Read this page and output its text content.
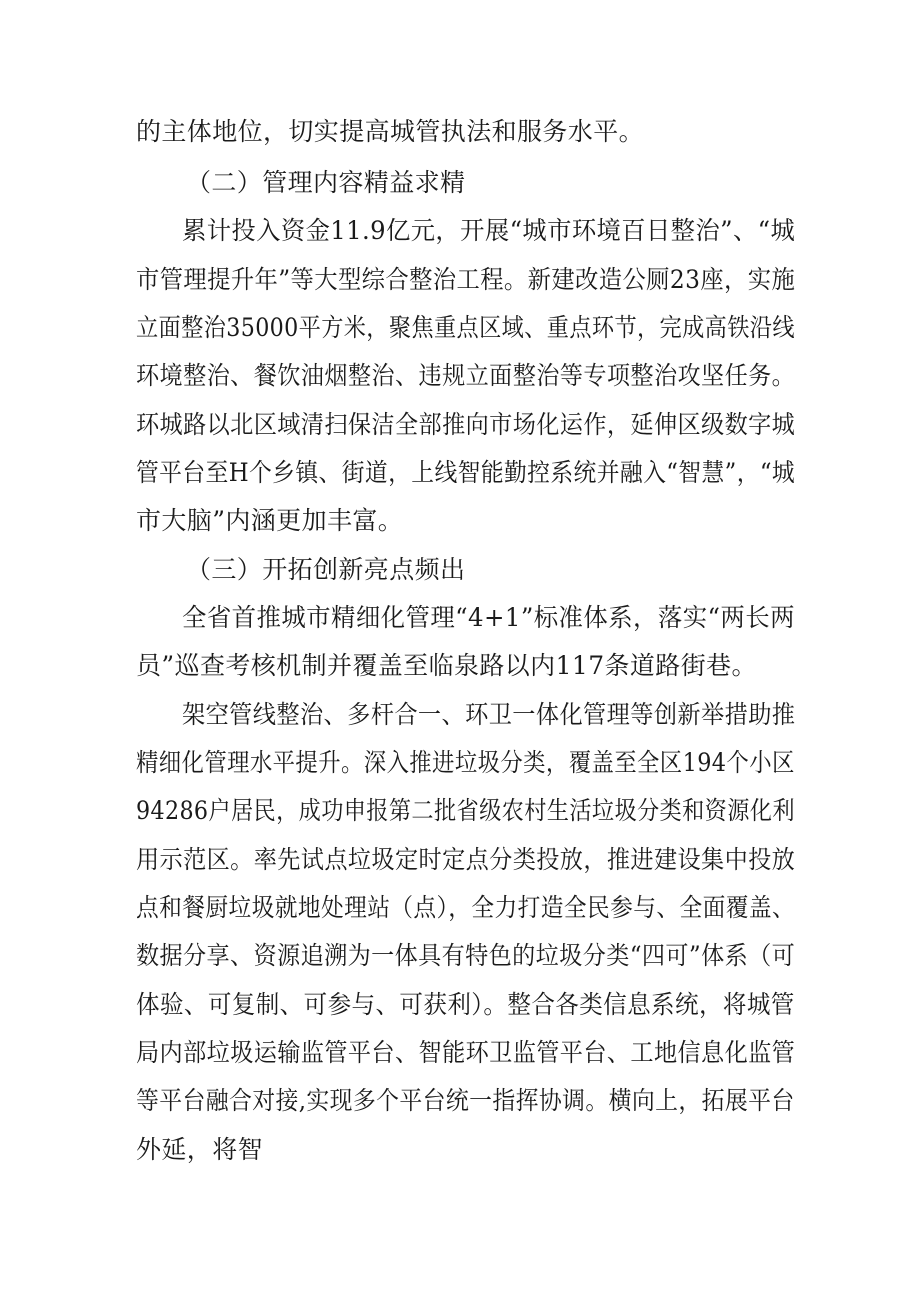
的主体地位，切实提高城管执法和服务水平。
（二）管理内容精益求精
累计投入资金11.9亿元，开展“城市环境百日整治”、“城
市管理提升年”等大型综合整治工程。新建改造公厕23座，实施
立面整治35000平方米，聚焦重点区域、重点环节，完成高铁沿线
环境整治、餐饮油烟整治、违规立面整治等专项整治攻坚任务。
环城路以北区域清扫保洁全部推向市场化运作，延伸区级数字城
管平台至H个乡镇、街道，上线智能勤控系统并融入“智慧”，“城
市大脑”内涵更加丰富。
（三）开拓创新亮点频出
全省首推城市精细化管理“4+1”标准体系，落实“两长两
员”巡查考核机制并覆盖至临泉路以内117条道路街巷。
架空管线整治、多杆合一、环卫一体化管理等创新举措助推
精细化管理水平提升。深入推进垃圾分类，覆盖至全区194个小区
94286户居民，成功申报第二批省级农村生活垃圾分类和资源化利
用示范区。率先试点垃圾定时定点分类投放，推进建设集中投放
点和餐厨垃圾就地处理站（点），全力打造全民参与、全面覆盖、
数据分享、资源追溯为一体具有特色的垃圾分类“四可”体系（可
体验、可复制、可参与、可获利）。整合各类信息系统，将城管
局内部垃圾运输监管平台、智能环卫监管平台、工地信息化监管
等平台融合对接,实现多个平台统一指挥协调。横向上，拓展平台
外延，将智
